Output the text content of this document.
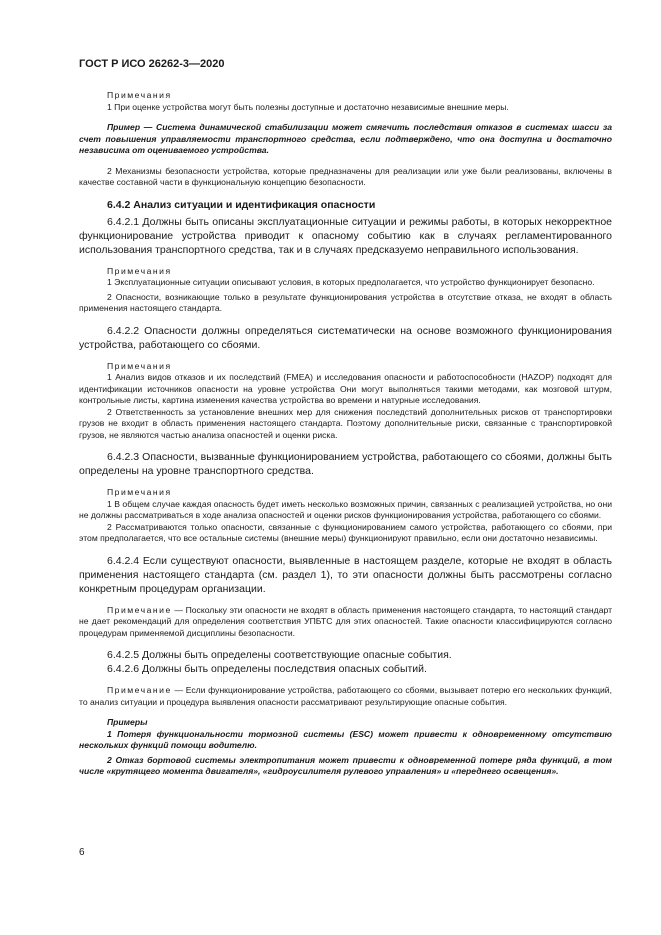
ГОСТ Р ИСО 26262-3—2020

Примечания

1 При оценке устройства могут быть полезны доступные и достаточно независимые внешние меры.

Пример — Система динамической стабилизации может смягчить последствия отказов в системах шасси за счет повышения управляемости транспортного средства, если подтверждено, что она доступна и достаточно независима от оцениваемого устройства.

2 Механизмы безопасности устройства, которые предназначены для реализации или уже были реализованы, включены в качестве составной части в функциональную концепцию безопасности.

6.4.2 Анализ ситуации и идентификация опасности

6.4.2.1 Должны быть описаны эксплуатационные ситуации и режимы работы, в которых некорректное функционирование устройства приводит к опасному событию как в случаях регламентированного использования транспортного средства, так и в случаях предсказуемо неправильного использования.

Примечания

1 Эксплуатационные ситуации описывают условия, в которых предполагается, что устройство функционирует безопасно.

2 Опасности, возникающие только в результате функционирования устройства в отсутствие отказа, не входят в область применения настоящего стандарта.

6.4.2.2 Опасности должны определяться систематически на основе возможного функционирования устройства, работающего со сбоями.

Примечания

1 Анализ видов отказов и их последствий (FMEA) и исследования опасности и работоспособности (HAZOP) подходят для идентификации источников опасности на уровне устройства Они могут выполняться такими методами, как мозговой штурм, контрольные листы, картина изменения качества устройства во времени и натурные исследования.

2 Ответственность за установление внешних мер для снижения последствий дополнительных рисков от транспортировки грузов не входит в область применения настоящего стандарта. Поэтому дополнительные риски, связанные с транспортировкой грузов, не являются частью анализа опасностей и оценки риска.

6.4.2.3 Опасности, вызванные функционированием устройства, работающего со сбоями, должны быть определены на уровне транспортного средства.

Примечания

1 В общем случае каждая опасность будет иметь несколько возможных причин, связанных с реализацией устройства, но они не должны рассматриваться в ходе анализа опасностей и оценки рисков функционирования устройства, работающего со сбоями.

2 Рассматриваются только опасности, связанные с функционированием самого устройства, работающего со сбоями, при этом предполагается, что все остальные системы (внешние меры) функционируют правильно, если они достаточно независимы.

6.4.2.4 Если существуют опасности, выявленные в настоящем разделе, которые не входят в область применения настоящего стандарта (см. раздел 1), то эти опасности должны быть рассмотрены согласно конкретным процедурам организации.

Примечание — Поскольку эти опасности не входят в область применения настоящего стандарта, то настоящий стандарт не дает рекомендаций для определения соответствия УПБТС для этих опасностей. Такие опасности классифицируются согласно процедурам применяемой дисциплины безопасности.

6.4.2.5 Должны быть определены соответствующие опасные события.

6.4.2.6 Должны быть определены последствия опасных событий.

Примечание — Если функционирование устройства, работающего со сбоями, вызывает потерю его нескольких функций, то анализ ситуации и процедура выявления опасности рассматривают результирующие опасные события.

Примеры

1 Потеря функциональности тормозной системы (ESC) может привести к одновременному отсутствию нескольких функций помощи водителю.

2 Отказ бортовой системы электропитания может привести к одновременной потере ряда функций, в том числе «крутящего момента двигателя», «гидроусилителя рулевого управления» и «переднего освещения».

6
